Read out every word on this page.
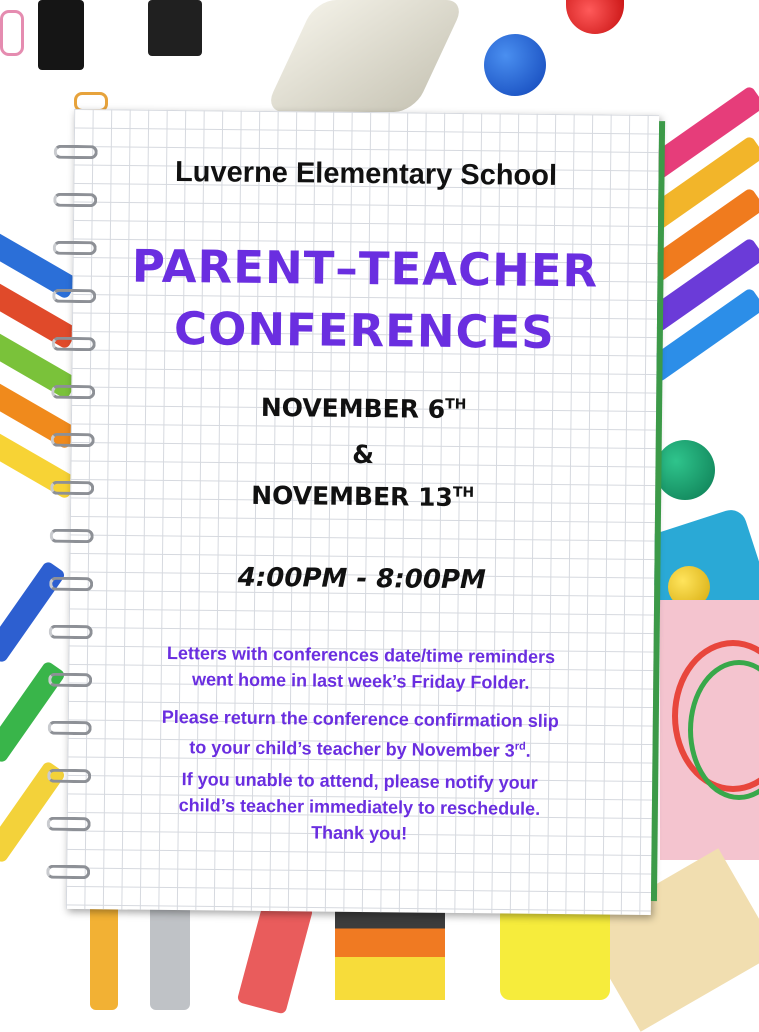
Luverne Elementary School
PARENT–TEACHER
CONFERENCES
NOVEMBER 6TH
&
NOVEMBER 13TH
4:00PM - 8:00PM
Letters with conferences date/time reminders
went home in last week’s Friday Folder.
Please return the conference confirmation slip
to your child’s teacher by November 3rd.
If you unable to attend, please notify your
child’s teacher immediately to reschedule.
Thank you!
